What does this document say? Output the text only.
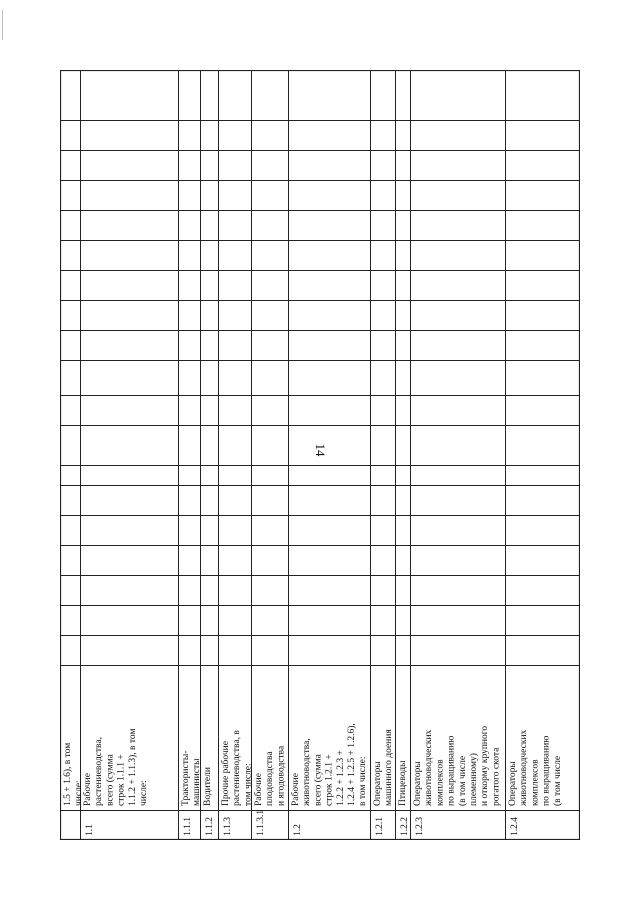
14
1.5 + 1.6), в том числе:
1.1
Рабочие растениеводства, всего (сумма строк 1.1.1 + 1.1.2 + 1.1.3), в том числе:
1.1.1
Трактористы- машинисты
1.1.2
Водители
1.1.3
Прочие рабочие растениеводства, в том числе:
1.1.3.1
Рабочие плодоводства и ягодоводства
1.2
Рабочие животноводства, всего (сумма строк 1.2.1 + 1.2.2 + 1.2.3 + 1.2.4 + 1.2.5 + 1.2.6), в том числе:
1.2.1
Операторы машинного доения
1.2.2
Птицеводы
1.2.3
Операторы животноводческих комплексов по выращиванию (в том числе племенному) и откорму крупного рогатого скота
1.2.4
Операторы животноводческих комплексов по выращиванию (в том числе
